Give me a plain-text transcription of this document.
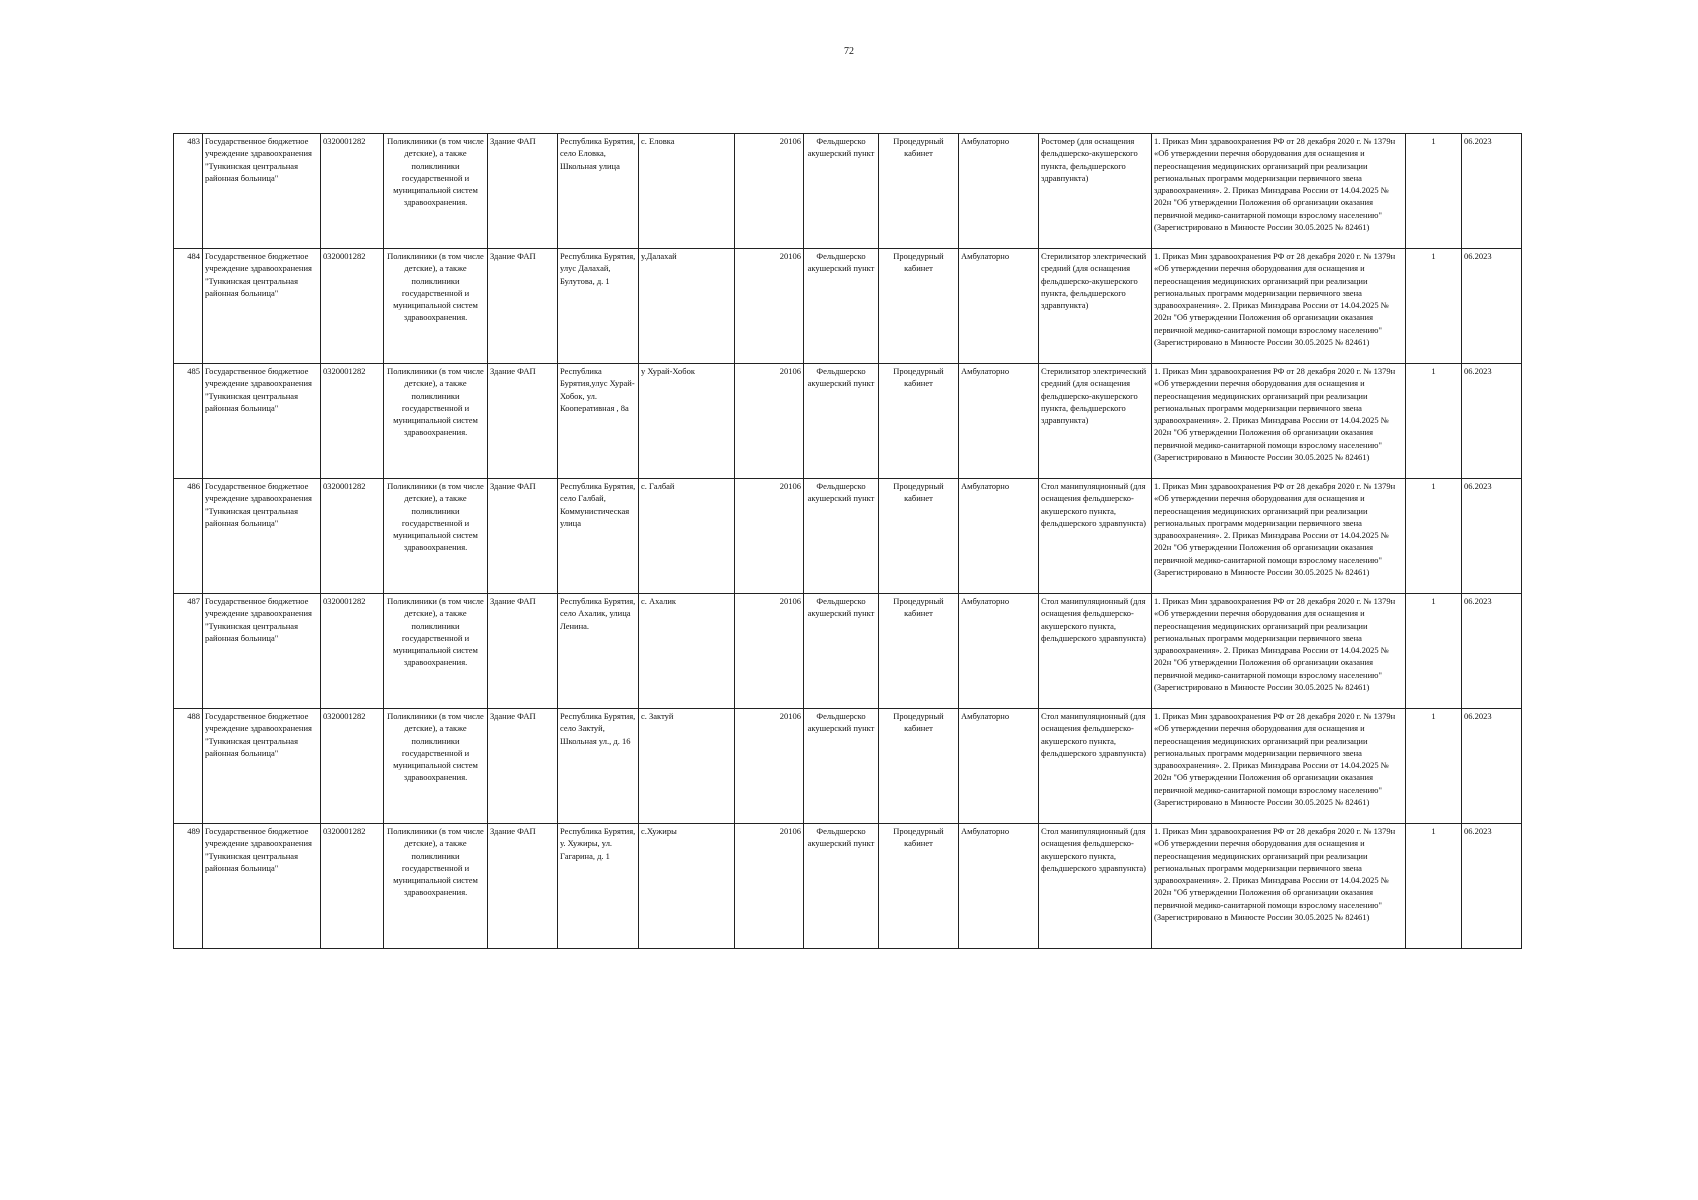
72
483	Государственное бюджетное учреждение здравоохранения "Тункинская центральная районная больница"	0320001282	Поликлиники (в том числе детские), а также поликлиники государственной и муниципальной систем здравоохранения.	Здание ФАП	Республика Бурятия, село Еловка, Школьная улица	с. Еловка	20106	Фельдшерско акушерский пункт	Процедурный кабинет	Амбулаторно	Ростомер (для оснащения фельдшерско-акушерского пункта, фельдшерского здравпункта)	1. Приказ Мин здравоохранения РФ от 28 декабря 2020 г. № 1379н «Об утверждении перечня оборудования для оснащения и переоснащения медицинских организаций при реализации региональных программ модернизации первичного звена здравоохранения». 2. Приказ Минздрава России от 14.04.2025 № 202н "Об утверждении Положения об организации оказания первичной медико-санитарной помощи взрослому населению" (Зарегистрировано в Минюсте России 30.05.2025 № 82461)	1	06.2023
484	Государственное бюджетное учреждение здравоохранения "Тункинская центральная районная больница"	0320001282	Поликлиники (в том числе детские), а также поликлиники государственной и муниципальной систем здравоохранения.	Здание ФАП	Республика Бурятия, улус Далахай, Булутова, д. 1	у.Далахай	20106	Фельдшерско акушерский пункт	Процедурный кабинет	Амбулаторно	Стерилизатор электрический средний (для оснащения фельдшерско-акушерского пункта, фельдшерского здравпункта)	1. Приказ Мин здравоохранения РФ от 28 декабря 2020 г. № 1379н «Об утверждении перечня оборудования для оснащения и переоснащения медицинских организаций при реализации региональных программ модернизации первичного звена здравоохранения». 2. Приказ Минздрава России от 14.04.2025 № 202н "Об утверждении Положения об организации оказания первичной медико-санитарной помощи взрослому населению" (Зарегистрировано в Минюсте России 30.05.2025 № 82461)	1	06.2023
485	Государственное бюджетное учреждение здравоохранения "Тункинская центральная районная больница"	0320001282	Поликлиники (в том числе детские), а также поликлиники государственной и муниципальной систем здравоохранения.	Здание ФАП	Республика Бурятия,улус Хурай- Хобок, ул. Кооперативная , 8а	у Хурай-Хобок	20106	Фельдшерско акушерский пункт	Процедурный кабинет	Амбулаторно	Стерилизатор электрический средний (для оснащения фельдшерско-акушерского пункта, фельдшерского здравпункта)	1. Приказ Мин здравоохранения РФ от 28 декабря 2020 г. № 1379н «Об утверждении перечня оборудования для оснащения и переоснащения медицинских организаций при реализации региональных программ модернизации первичного звена здравоохранения». 2. Приказ Минздрава России от 14.04.2025 № 202н "Об утверждении Положения об организации оказания первичной медико-санитарной помощи взрослому населению" (Зарегистрировано в Минюсте России 30.05.2025 № 82461)	1	06.2023
486	Государственное бюджетное учреждение здравоохранения "Тункинская центральная районная больница"	0320001282	Поликлиники (в том числе детские), а также поликлиники государственной и муниципальной систем здравоохранения.	Здание ФАП	Республика Бурятия, село Галбай, Коммунистическая улица	с. Галбай	20106	Фельдшерско акушерский пункт	Процедурный кабинет	Амбулаторно	Стол манипуляционный (для оснащения фельдшерско-акушерского пункта, фельдшерского здравпункта)	1. Приказ Мин здравоохранения РФ от 28 декабря 2020 г. № 1379н «Об утверждении перечня оборудования для оснащения и переоснащения медицинских организаций при реализации региональных программ модернизации первичного звена здравоохранения». 2. Приказ Минздрава России от 14.04.2025 № 202н "Об утверждении Положения об организации оказания первичной медико-санитарной помощи взрослому населению" (Зарегистрировано в Минюсте России 30.05.2025 № 82461)	1	06.2023
487	Государственное бюджетное учреждение здравоохранения "Тункинская центральная районная больница"	0320001282	Поликлиники (в том числе детские), а также поликлиники государственной и муниципальной систем здравоохранения.	Здание ФАП	Республика Бурятия, село Ахалик, улица Ленина.	с. Ахалик	20106	Фельдшерско акушерский пункт	Процедурный кабинет	Амбулаторно	Стол манипуляционный (для оснащения фельдшерско-акушерского пункта, фельдшерского здравпункта)	1. Приказ Мин здравоохранения РФ от 28 декабря 2020 г. № 1379н «Об утверждении перечня оборудования для оснащения и переоснащения медицинских организаций при реализации региональных программ модернизации первичного звена здравоохранения». 2. Приказ Минздрава России от 14.04.2025 № 202н "Об утверждении Положения об организации оказания первичной медико-санитарной помощи взрослому населению" (Зарегистрировано в Минюсте России 30.05.2025 № 82461)	1	06.2023
488	Государственное бюджетное учреждение здравоохранения "Тункинская центральная районная больница"	0320001282	Поликлиники (в том числе детские), а также поликлиники государственной и муниципальной систем здравоохранения.	Здание ФАП	Республика Бурятия, село Зактуй, Школьная ул., д. 16	с. Зактуй	20106	Фельдшерско акушерский пункт	Процедурный кабинет	Амбулаторно	Стол манипуляционный (для оснащения фельдшерско-акушерского пункта, фельдшерского здравпункта)	1. Приказ Мин здравоохранения РФ от 28 декабря 2020 г. № 1379н «Об утверждении перечня оборудования для оснащения и переоснащения медицинских организаций при реализации региональных программ модернизации первичного звена здравоохранения». 2. Приказ Минздрава России от 14.04.2025 № 202н "Об утверждении Положения об организации оказания первичной медико-санитарной помощи взрослому населению" (Зарегистрировано в Минюсте России 30.05.2025 № 82461)	1	06.2023
489	Государственное бюджетное учреждение здравоохранения "Тункинская центральная районная больница"	0320001282	Поликлиники (в том числе детские), а также поликлиники государственной и муниципальной систем здравоохранения.	Здание ФАП	Республика Бурятия, у. Хужиры, ул. Гагарина, д. 1	с.Хужиры	20106	Фельдшерско акушерский пункт	Процедурный кабинет	Амбулаторно	Стол манипуляционный (для оснащения фельдшерско-акушерского пункта, фельдшерского здравпункта)	1. Приказ Мин здравоохранения РФ от 28 декабря 2020 г. № 1379н «Об утверждении перечня оборудования для оснащения и переоснащения медицинских организаций при реализации региональных программ модернизации первичного звена здравоохранения». 2. Приказ Минздрава России от 14.04.2025 № 202н "Об утверждении Положения об организации оказания первичной медико-санитарной помощи взрослому населению" (Зарегистрировано в Минюсте России 30.05.2025 № 82461)	1	06.2023
